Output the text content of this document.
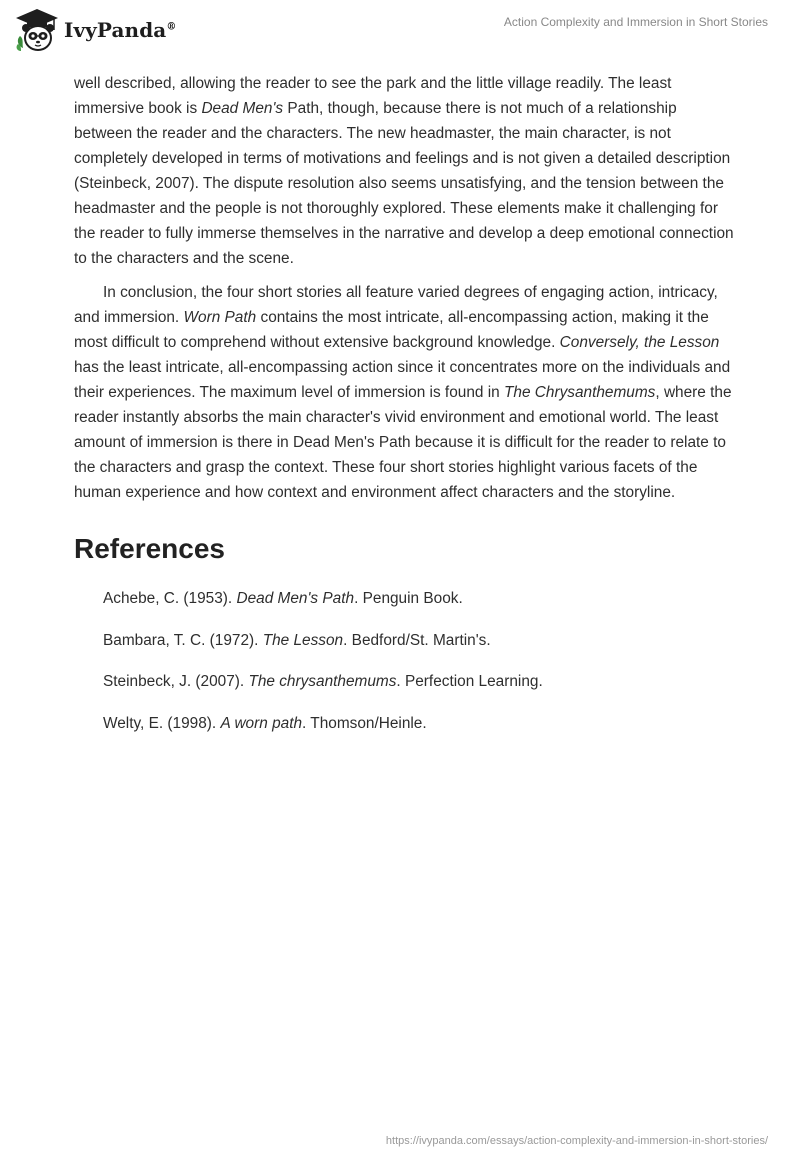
IvyPanda®	Action Complexity and Immersion in Short Stories

well described, allowing the reader to see the park and the little village readily. The least immersive book is Dead Men's Path, though, because there is not much of a relationship between the reader and the characters. The new headmaster, the main character, is not completely developed in terms of motivations and feelings and is not given a detailed description (Steinbeck, 2007). The dispute resolution also seems unsatisfying, and the tension between the headmaster and the people is not thoroughly explored. These elements make it challenging for the reader to fully immerse themselves in the narrative and develop a deep emotional connection to the characters and the scene.

In conclusion, the four short stories all feature varied degrees of engaging action, intricacy, and immersion. Worn Path contains the most intricate, all-encompassing action, making it the most difficult to comprehend without extensive background knowledge. Conversely, the Lesson has the least intricate, all-encompassing action since it concentrates more on the individuals and their experiences. The maximum level of immersion is found in The Chrysanthemums, where the reader instantly absorbs the main character's vivid environment and emotional world. The least amount of immersion is there in Dead Men's Path because it is difficult for the reader to relate to the characters and grasp the context. These four short stories highlight various facets of the human experience and how context and environment affect characters and the storyline.

References
Achebe, C. (1953). Dead Men's Path. Penguin Book.
Bambara, T. C. (1972). The Lesson. Bedford/St. Martin's.
Steinbeck, J. (2007). The chrysanthemums. Perfection Learning.
Welty, E. (1998). A worn path. Thomson/Heinle.
https://ivypanda.com/essays/action-complexity-and-immersion-in-short-stories/
